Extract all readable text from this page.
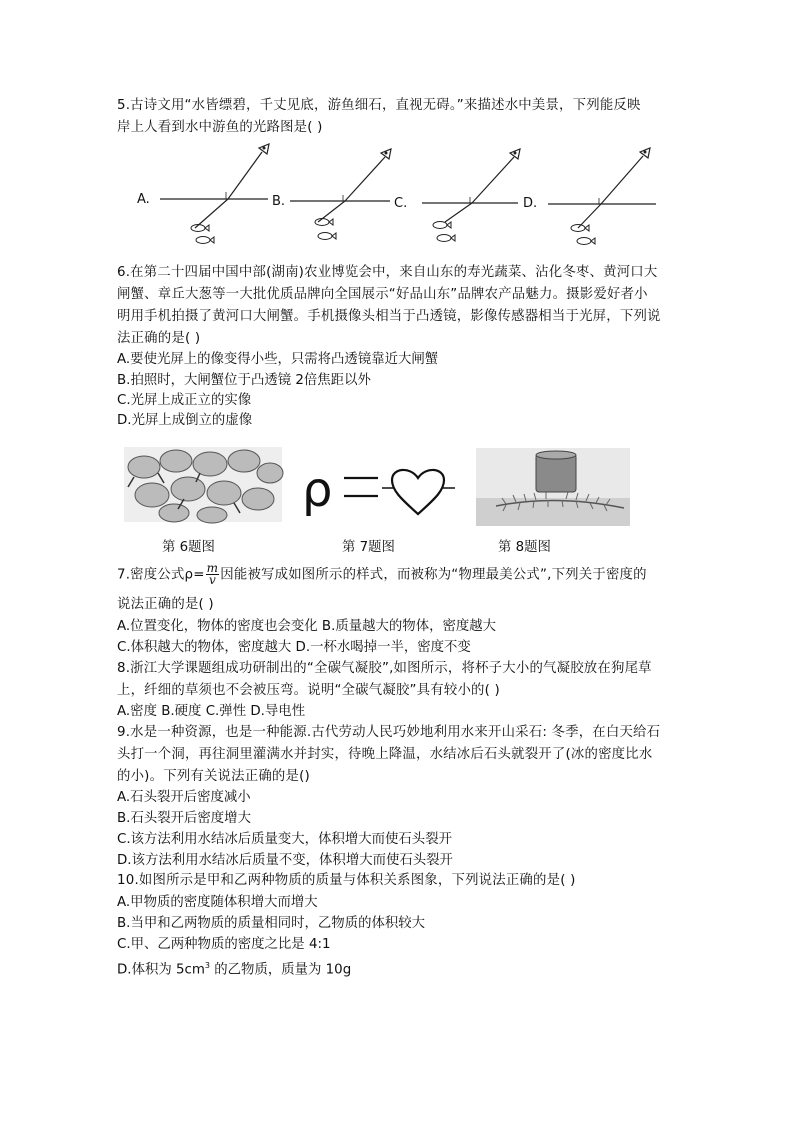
5.古诗文用“水皆缥碧，千丈见底，游鱼细石，直视无碍。”来描述水中美景，下列能反映
岸上人看到水中游鱼的光路图是( )
A.	B.	C.	D.
6.在第二十四届中国中部(湖南)农业博览会中，来自山东的寿光蔬菜、沾化冬枣、黄河口大
闸蟹、章丘大葱等一大批优质品牌向全国展示“好品山东”品牌农产品魅力。摄影爱好者小
明用手机拍摄了黄河口大闸蟹。手机摄像头相当于凸透镜，影像传感器相当于光屏，下列说
法正确的是( )
A.要使光屏上的像变得小些，只需将凸透镜靠近大闸蟹
B.拍照时，大闸蟹位于凸透镜 2倍焦距以外
C.光屏上成正立的实像
D.光屏上成倒立的虚像
ρ
第 6题图	第 7题图	第 8题图
7.密度公式$\rho= \frac{m}{v}$ 因能被写成如图所示的样式，而被称为“物理最美公式”,下列关于密度的
说法正确的是( )
A.位置变化，物体的密度也会变化 B.质量越大的物体，密度越大
C.体积越大的物体，密度越大 D.一杯水喝掉一半，密度不变
8.浙江大学课题组成功研制出的“全碳气凝胶”,如图所示，将杯子大小的气凝胶放在狗尾草
上，纤细的草须也不会被压弯。说明“全碳气凝胶”具有较小的( )
A.密度 B.硬度 C.弹性 D.导电性
9.水是一种资源，也是一种能源.古代劳动人民巧妙地利用水来开山采石: 冬季，在白天给石
头打一个洞，再往洞里灌满水并封实，待晚上降温，水结冰后石头就裂开了(冰的密度比水
的小)。下列有关说法正确的是()
A.石头裂开后密度减小
B.石头裂开后密度增大
C.该方法利用水结冰后质量变大，体积增大而使石头裂开
D.该方法利用水结冰后质量不变，体积增大而使石头裂开
10.如图所示是甲和乙两种物质的质量与体积关系图象，下列说法正确的是( )
A.甲物质的密度随体积增大而增大
B.当甲和乙两物质的质量相同时，乙物质的体积较大
C.甲、乙两种物质的密度之比是 4:1
D.体积为 $5cm^3$ 的乙物质，质量为 10g
